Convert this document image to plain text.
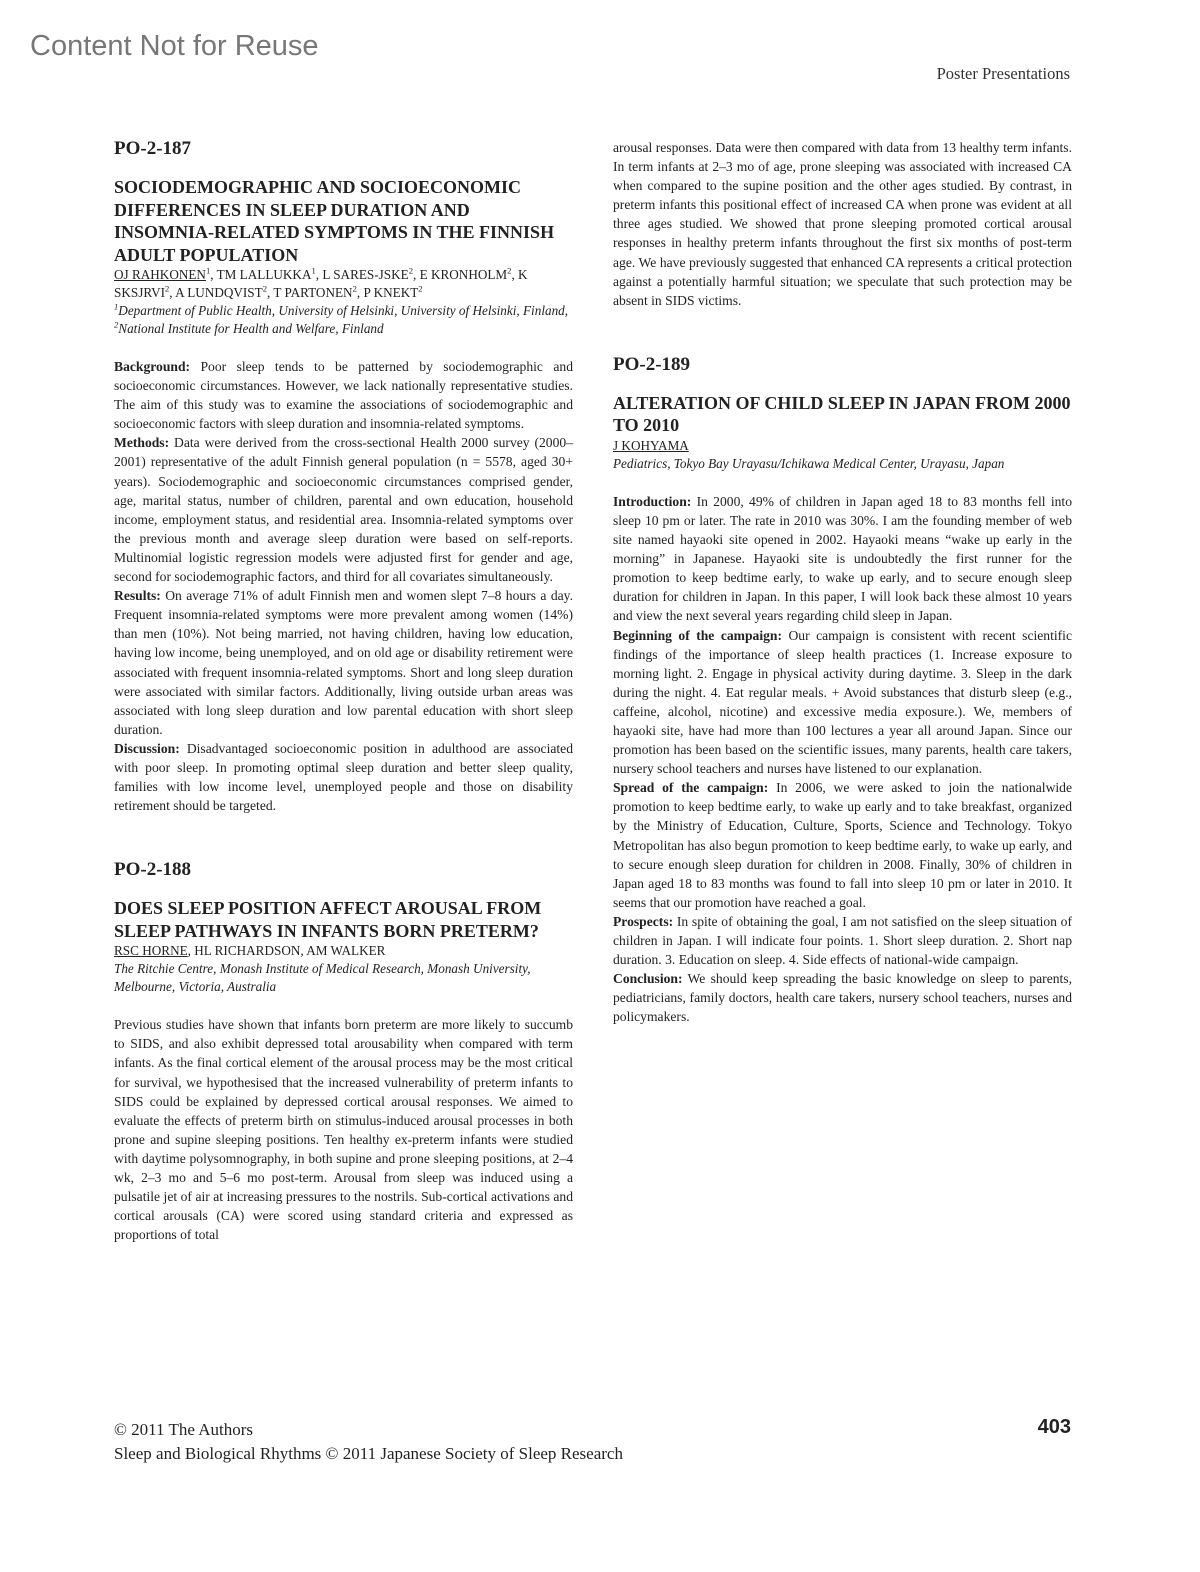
Content Not for Reuse
Poster Presentations

PO-2-187

SOCIODEMOGRAPHIC AND SOCIOECONOMIC DIFFERENCES IN SLEEP DURATION AND INSOMNIA-RELATED SYMPTOMS IN THE FINNISH ADULT POPULATION

OJ RAHKONEN$^1$, TM LALLUKKA$^1$, L SARES-JSKE$^2$, E KRONHOLM$^2$, K SKSJRVI$^2$, A LUNDQVIST$^2$, T PARTONEN$^2$, P KNEKT$^2$

$^1$Department of Public Health, University of Helsinki, University of Helsinki, Finland, $^2$National Institute for Health and Welfare, Finland

Background: Poor sleep tends to be patterned by sociodemographic and socioeconomic circumstances. However, we lack nationally representative studies. The aim of this study was to examine the associations of sociodemographic and socioeconomic factors with sleep duration and insomnia-related symptoms.

Methods: Data were derived from the cross-sectional Health 2000 survey (2000–2001) representative of the adult Finnish general population (n = 5578, aged 30+ years). Sociodemographic and socioeconomic circumstances comprised gender, age, marital status, number of children, parental and own education, household income, employment status, and residential area. Insomnia-related symptoms over the previous month and average sleep duration were based on self-reports. Multinomial logistic regression models were adjusted first for gender and age, second for sociodemographic factors, and third for all covariates simultaneously.

Results: On average 71% of adult Finnish men and women slept 7–8 hours a day. Frequent insomnia-related symptoms were more prevalent among women (14%) than men (10%). Not being married, not having children, having low education, having low income, being unemployed, and on old age or disability retirement were associated with frequent insomnia-related symptoms. Short and long sleep duration were associated with similar factors. Additionally, living outside urban areas was associated with long sleep duration and low parental education with short sleep duration.

Discussion: Disadvantaged socioeconomic position in adulthood are associated with poor sleep. In promoting optimal sleep duration and better sleep quality, families with low income level, unemployed people and those on disability retirement should be targeted.

PO-2-188

DOES SLEEP POSITION AFFECT AROUSAL FROM SLEEP PATHWAYS IN INFANTS BORN PRETERM?

RSC HORNE, HL RICHARDSON, AM WALKER

The Ritchie Centre, Monash Institute of Medical Research, Monash University, Melbourne, Victoria, Australia

Previous studies have shown that infants born preterm are more likely to succumb to SIDS, and also exhibit depressed total arousability when compared with term infants. As the final cortical element of the arousal process may be the most critical for survival, we hypothesised that the increased vulnerability of preterm infants to SIDS could be explained by depressed cortical arousal responses. We aimed to evaluate the effects of preterm birth on stimulus-induced arousal processes in both prone and supine sleeping positions. Ten healthy ex-preterm infants were studied with daytime polysomnography, in both supine and prone sleeping positions, at 2–4 wk, 2–3 mo and 5–6 mo post-term. Arousal from sleep was induced using a pulsatile jet of air at increasing pressures to the nostrils. Sub-cortical activations and cortical arousals (CA) were scored using standard criteria and expressed as proportions of total

arousal responses. Data were then compared with data from 13 healthy term infants. In term infants at 2–3 mo of age, prone sleeping was associated with increased CA when compared to the supine position and the other ages studied. By contrast, in preterm infants this positional effect of increased CA when prone was evident at all three ages studied. We showed that prone sleeping promoted cortical arousal responses in healthy preterm infants throughout the first six months of post-term age. We have previously suggested that enhanced CA represents a critical protection against a potentially harmful situation; we speculate that such protection may be absent in SIDS victims.

PO-2-189

ALTERATION OF CHILD SLEEP IN JAPAN FROM 2000 TO 2010

J KOHYAMA

Pediatrics, Tokyo Bay Urayasu/Ichikawa Medical Center, Urayasu, Japan

Introduction: In 2000, 49% of children in Japan aged 18 to 83 months fell into sleep 10 pm or later. The rate in 2010 was 30%. I am the founding member of web site named hayaoki site opened in 2002. Hayaoki means “wake up early in the morning” in Japanese. Hayaoki site is undoubtedly the first runner for the promotion to keep bedtime early, to wake up early, and to secure enough sleep duration for children in Japan. In this paper, I will look back these almost 10 years and view the next several years regarding child sleep in Japan.

Beginning of the campaign: Our campaign is consistent with recent scientific findings of the importance of sleep health practices (1. Increase exposure to morning light. 2. Engage in physical activity during daytime. 3. Sleep in the dark during the night. 4. Eat regular meals. + Avoid substances that disturb sleep (e.g., caffeine, alcohol, nicotine) and excessive media exposure.). We, members of hayaoki site, have had more than 100 lectures a year all around Japan. Since our promotion has been based on the scientific issues, many parents, health care takers, nursery school teachers and nurses have listened to our explanation.

Spread of the campaign: In 2006, we were asked to join the nationalwide promotion to keep bedtime early, to wake up early and to take breakfast, organized by the Ministry of Education, Culture, Sports, Science and Technology. Tokyo Metropolitan has also begun promotion to keep bedtime early, to wake up early, and to secure enough sleep duration for children in 2008. Finally, 30% of children in Japan aged 18 to 83 months was found to fall into sleep 10 pm or later in 2010. It seems that our promotion have reached a goal.

Prospects: In spite of obtaining the goal, I am not satisfied on the sleep situation of children in Japan. I will indicate four points. 1. Short sleep duration. 2. Short nap duration. 3. Education on sleep. 4. Side effects of national-wide campaign.

Conclusion: We should keep spreading the basic knowledge on sleep to parents, pediatricians, family doctors, health care takers, nursery school teachers, nurses and policymakers.

© 2011 The Authors
Sleep and Biological Rhythms © 2011 Japanese Society of Sleep Research
403
